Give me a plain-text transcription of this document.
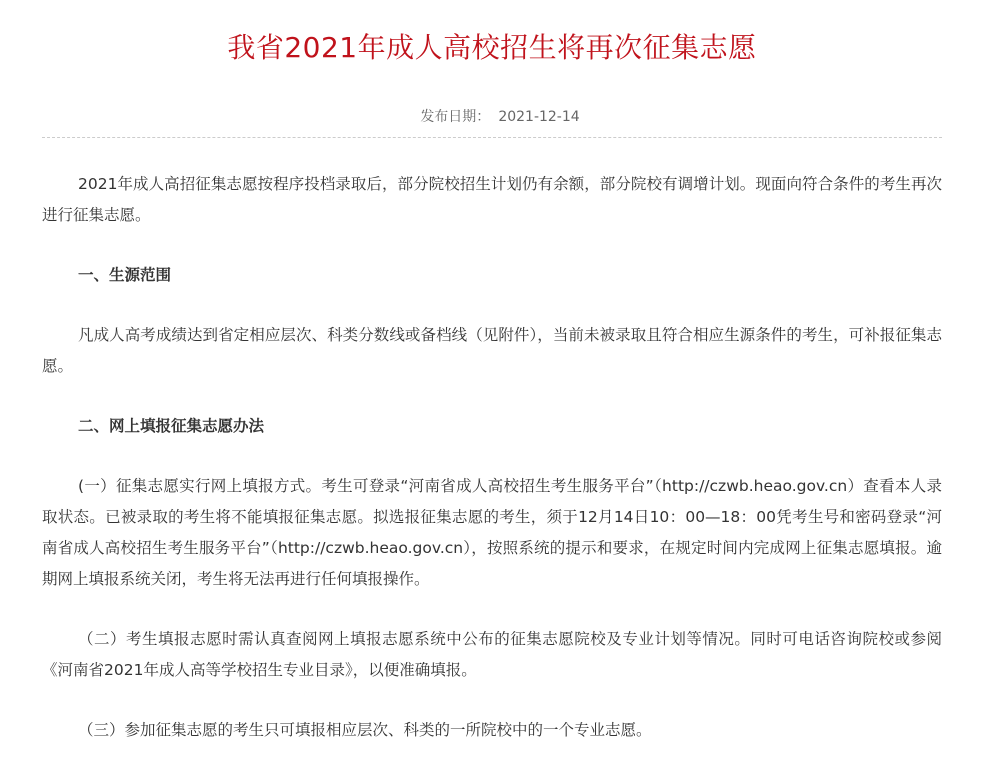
我省2021年成人高校招生将再次征集志愿
发布日期： 2021-12-14

2021年成人高招征集志愿按程序投档录取后，部分院校招生计划仍有余额，部分院校有调增计划。现面向符合条件的考生再次进行征集志愿。

一、生源范围

凡成人高考成绩达到省定相应层次、科类分数线或备档线（见附件），当前未被录取且符合相应生源条件的考生，可补报征集志愿。

二、网上填报征集志愿办法

(一）征集志愿实行网上填报方式。考生可登录“河南省成人高校招生考生服务平台”（http://czwb.heao.gov.cn）查看本人录取状态。已被录取的考生将不能填报征集志愿。拟选报征集志愿的考生，须于12月14日10：00—18：00凭考生号和密码登录“河南省成人高校招生考生服务平台”（http://czwb.heao.gov.cn），按照系统的提示和要求，在规定时间内完成网上征集志愿填报。逾期网上填报系统关闭，考生将无法再进行任何填报操作。

（二）考生填报志愿时需认真查阅网上填报志愿系统中公布的征集志愿院校及专业计划等情况。同时可电话咨询院校或参阅《河南省2021年成人高等学校招生专业目录》，以便准确填报。

（三）参加征集志愿的考生只可填报相应层次、科类的一所院校中的一个专业志愿。
